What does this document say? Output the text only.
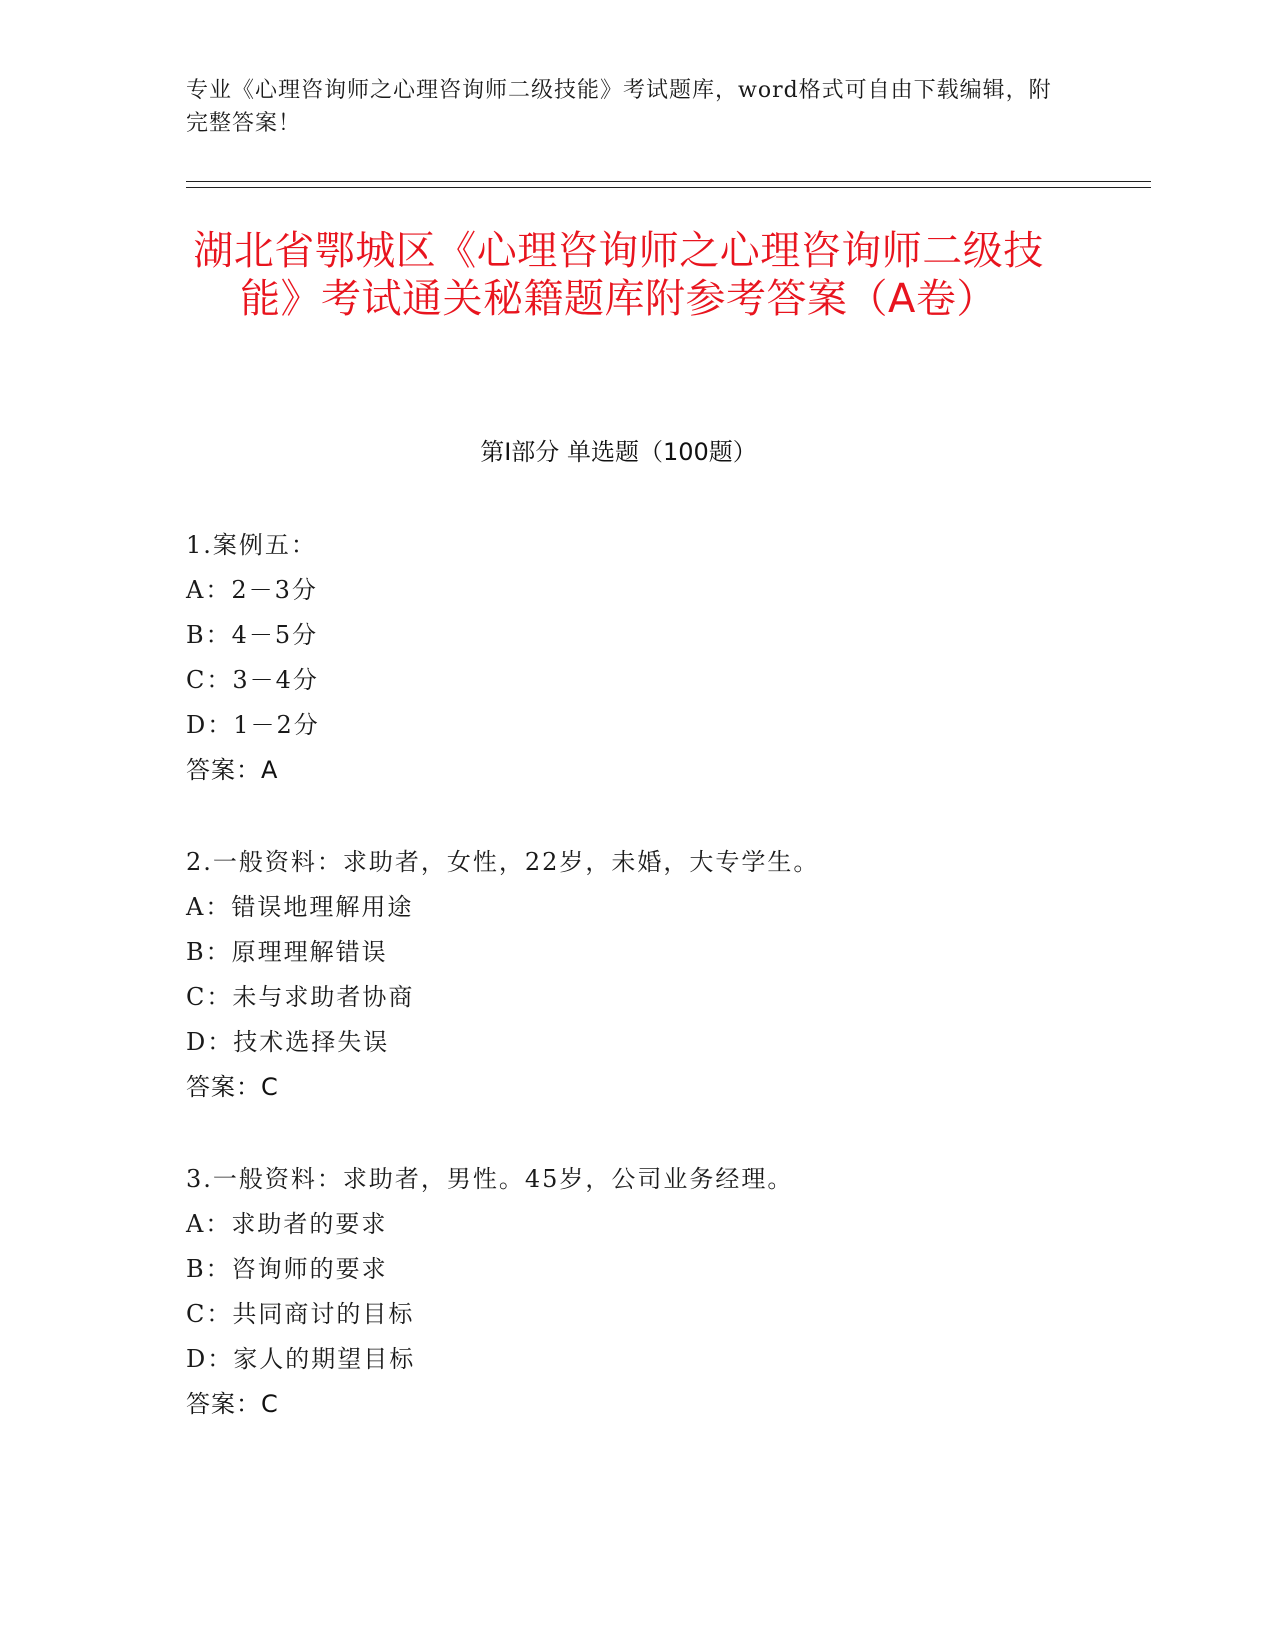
专业《心理咨询师之心理咨询师二级技能》考试题库，word格式可自由下载编辑，附完整答案！
湖北省鄂城区《心理咨询师之心理咨询师二级技能》考试通关秘籍题库附参考答案（A卷）
第Ⅰ部分 单选题（100题）
1.案例五：
A：2－3分
B：4－5分
C：3－4分
D：1－2分
答案：A
2.一般资料：求助者，女性，22岁，未婚，大专学生。
A：错误地理解用途
B：原理理解错误
C：未与求助者协商
D：技术选择失误
答案：C
3.一般资料：求助者，男性。45岁，公司业务经理。
A：求助者的要求
B：咨询师的要求
C：共同商讨的目标
D：家人的期望目标
答案：C
